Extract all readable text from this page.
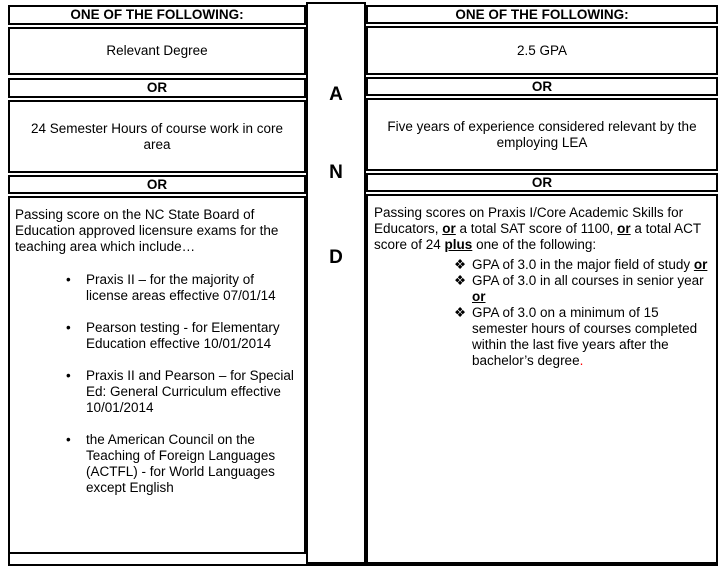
ONE OF THE FOLLOWING:
Relevant Degree
OR
24 Semester Hours of course work in core area
OR

Passing score on the NC State Board of Education approved licensure exams for the teaching area which include…

• Praxis II – for the majority of license areas effective 07/01/14
• Pearson testing - for Elementary Education effective 10/01/2014
• Praxis II and Pearson – for Special Ed: General Curriculum effective 10/01/2014
• the American Council on the Teaching of Foreign Languages (ACTFL) - for World Languages except English
A
N
D
ONE OF THE FOLLOWING:
2.5 GPA
OR
Five years of experience considered relevant by the employing LEA
OR

Passing scores on Praxis I/Core Academic Skills for Educators, or a total SAT score of 1100, or a total ACT score of 24 plus one of the following:

❖ GPA of 3.0 in the major field of study or
❖ GPA of 3.0 in all courses in senior year or
❖ GPA of 3.0 on a minimum of 15 semester hours of courses completed within the last five years after the bachelor’s degree.
